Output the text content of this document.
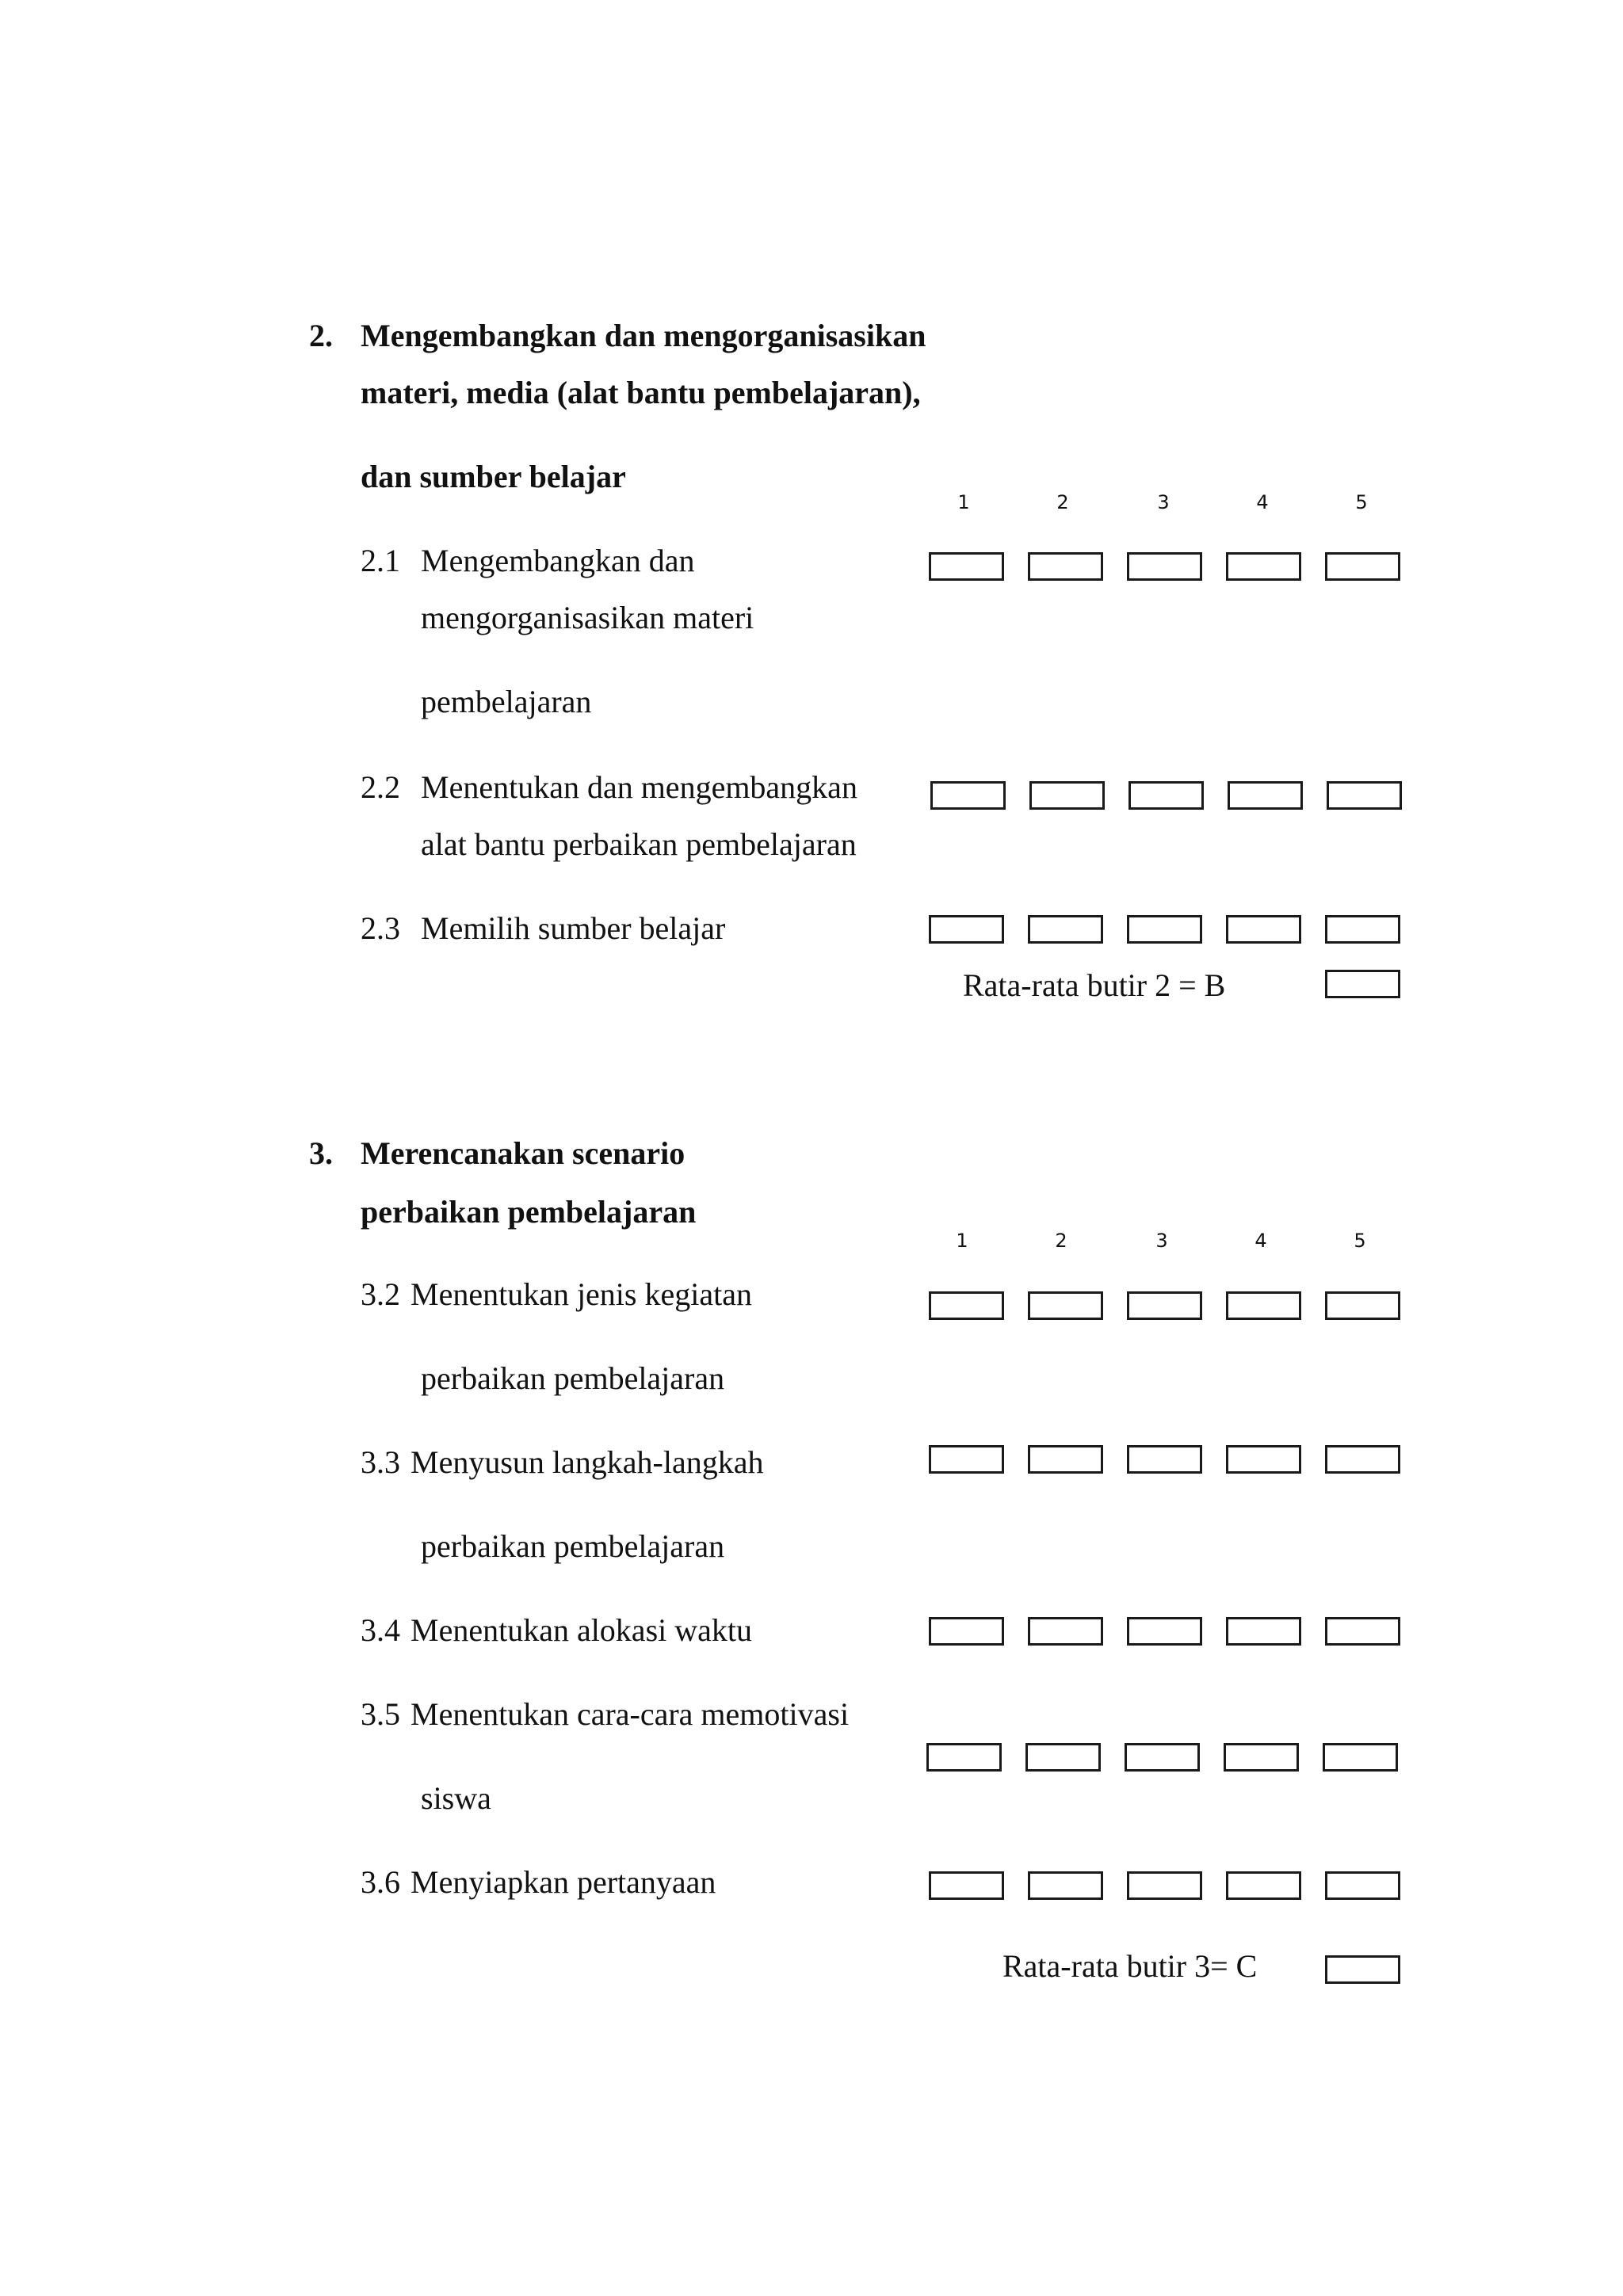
2. Mengembangkan dan mengorganisasikan
materi, media (alat bantu pembelajaran),
dan sumber belajar
1	2	3	4	5
2.1 Mengembangkan dan
mengorganisasikan materi
pembelajaran
2.2 Menentukan dan mengembangkan
alat bantu perbaikan pembelajaran
2.3 Memilih sumber belajar
Rata-rata butir 2 = B
3. Merencanakan scenario
perbaikan pembelajaran
1	2	3	4	5
3.2 Menentukan jenis kegiatan
perbaikan pembelajaran
3.3 Menyusun langkah-langkah
perbaikan pembelajaran
3.4 Menentukan alokasi waktu
3.5 Menentukan cara-cara memotivasi
siswa
3.6 Menyiapkan pertanyaan
Rata-rata butir 3= C
